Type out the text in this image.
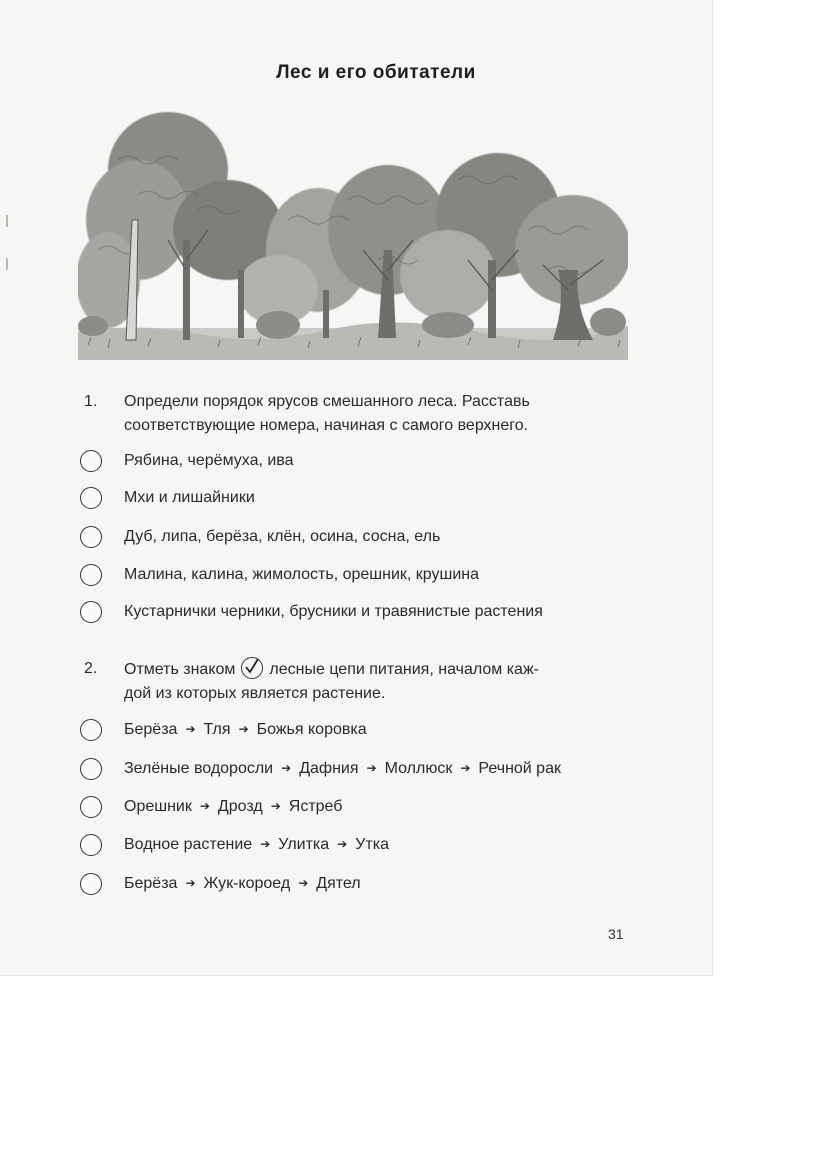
Лес и его обитатели
1. Определи порядок ярусов смешанного леса. Расставь соответствующие номера, начиная с самого верхнего.
Рябина, черёмуха, ива
Мхи и лишайники
Дуб, липа, берёза, клён, осина, сосна, ель
Малина, калина, жимолость, орешник, крушина
Кустарнички черники, брусники и травянистые растения
2. Отметь знаком лесные цепи питания, началом каж-
дой из которых является растение.
Берёза ➔ Тля ➔ Божья коровка
Зелёные водоросли ➔ Дафния ➔ Моллюск ➔ Речной рак
Орешник ➔ Дрозд ➔ Ястреб
Водное растение ➔ Улитка ➔ Утка
Берёза ➔ Жук-короед ➔ Дятел
31
